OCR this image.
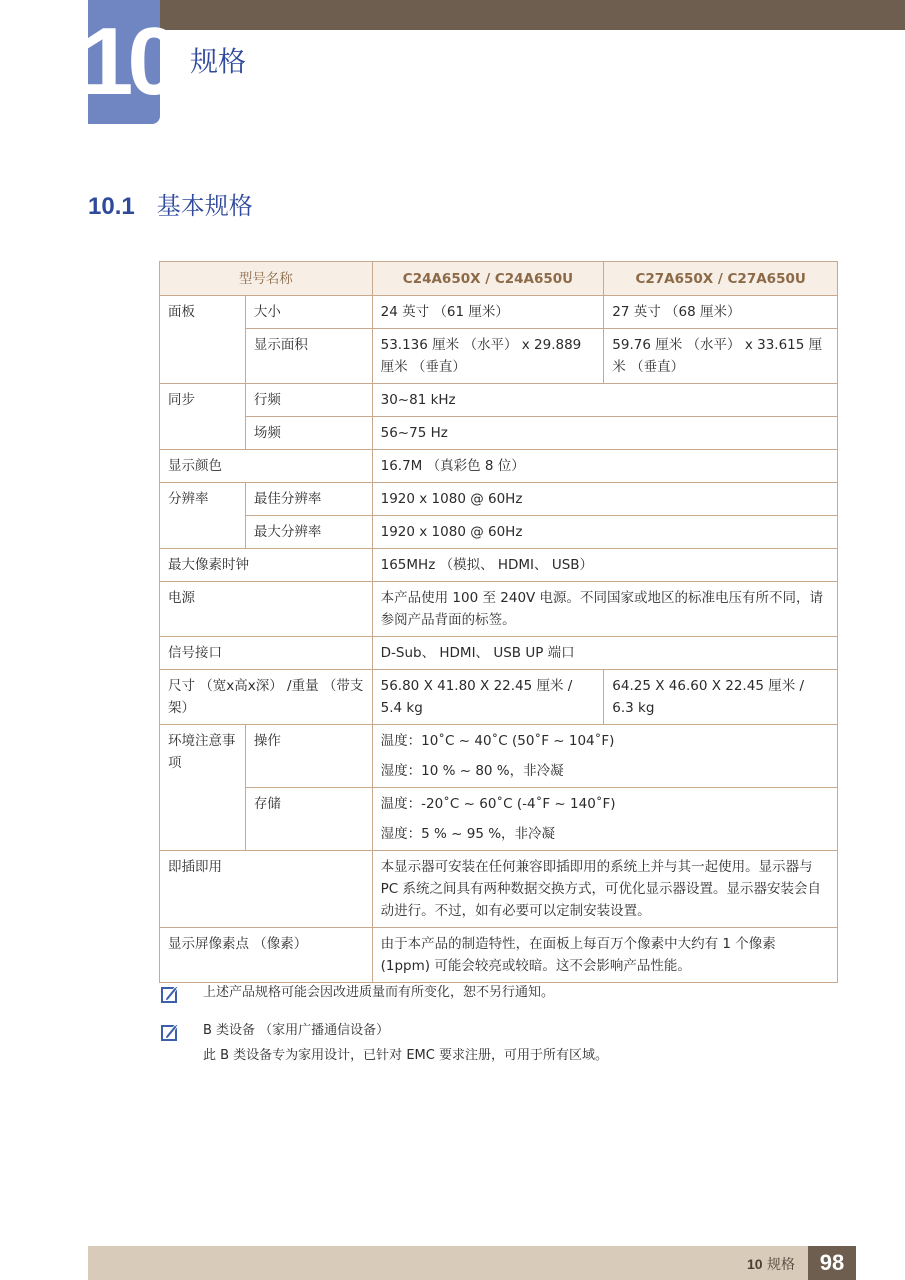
10 规格
10.1 基本规格
型号名称		C24A650X / C24A650U	C27A650X / C27A650U
面板	大小	24 英寸 （61 厘米）	27 英寸 （68 厘米）
	显示面积	53.136 厘米 （水平） x 29.889 厘米 （垂直）	59.76 厘米 （水平） x 33.615 厘米 （垂直）
同步	行频	30~81 kHz	
	场频	56~75 Hz	
显示颜色		16.7M （真彩色 8 位）	
分辨率	最佳分辨率	1920 x 1080 @ 60Hz	
	最大分辨率	1920 x 1080 @ 60Hz	
最大像素时钟		165MHz （模拟、 HDMI、 USB）	
电源		本产品使用 100 至 240V 电源。不同国家或地区的标准电压有所不同，请参阅产品背面的标签。	
信号接口		D-Sub、 HDMI、 USB UP 端口	
尺寸 （宽x高x深） /重量 （带支架）		56.80 X 41.80 X 22.45 厘米 / 5.4 kg	64.25 X 46.60 X 22.45 厘米 / 6.3 kg
环境注意事项	操作	温度：10˚C ~ 40˚C (50˚F ~ 104˚F)
湿度：10 % ~ 80 %，非冷凝	

	存储	温度：-20˚C ~ 60˚C (-4˚F ~ 140˚F)
湿度：5 % ~ 95 %，非冷凝	

即插即用		本显示器可安装在任何兼容即插即用的系统上并与其一起使用。显示器与 PC 系统之间具有两种数据交换方式，可优化显示器设置。显示器安装会自动进行。不过，如有必要可以定制安装设置。	
显示屏像素点 （像素）		由于本产品的制造特性，在面板上每百万个像素中大约有 1 个像素 (1ppm) 可能会较亮或较暗。这不会影响产品性能。	
上述产品规格可能会因改进质量而有所变化，恕不另行通知。
B 类设备 （家用广播通信设备）
此 B 类设备专为家用设计，已针对 EMC 要求注册，可用于所有区域。
10 规格	98
